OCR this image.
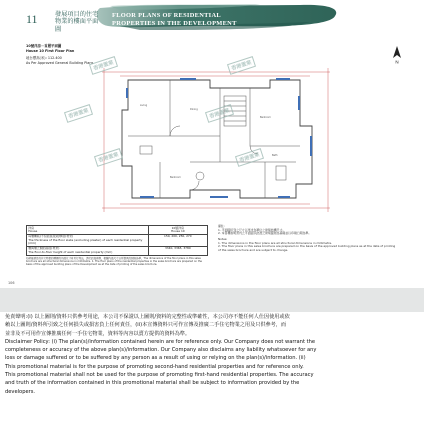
11	發展項目的住宅物業的樓面平面圖
FLOOR PLANS OF RESIDENTIAL
PROPERTIES IN THE DEVELOPMENT
10號洋房－首層平面圖
House 10 First Floor Plan
地台標高(米): 112.400
As Per Approved General Building Plans	N
Living
Dining
Bedroom
Bedroom
Bath
香港置業	香港置業
香港置業	香港置業
香港置業	香港置業
洋房
House	10號洋房
House 10
每層樓板(不包括灰泥)的厚度(毫米)
The thickness of the floor slabs (excluding plaster) of each residential property (mm)	150, 200, 250, 270
層與層之間的高度(毫米)
The floor-to-floor height of each residential property (mm)	3340, 3365, 3780
如發展項目的住宅物業的樓層的內部尺寸有另行列出，請於此處參閱，相關內部尺寸以所提供的圖則為準。The dimensions of the floor plans in this sales brochure are all structural dimensions in millimetre. 1. The floor plans of the residential properties in the sales brochure are prepared on the basis of the approved building plans of the Development as at the date of printing of the sales brochure.
備註:
1. 平面圖所列之尺寸以毫米為單位之建築結構尺寸。
2. 本售樓說明書內之平面圖以批准之建築圖則為基礎並以印刷日期為準。
Notes:
1. The dimensions in the floor plans are all structural dimensions in millimetre.
2. The floor plans in this sales brochure are prepared on the basis of the approved building plans as at the date of printing of the sales brochure and are subject to change.
106
免責聲明:(i) 以上圖則/資料只供參考用途，本公司不保證以上圖則/資料的完整性或準確性，本公司亦不能任何人仕因使用或依
賴以上圖則/資料所引致之任何損失或損害負上任何責任，(ii)本宣傳資料只可作宣傳及推廣二手住宅物業之用及只供參考，而
並非及不可用作宣傳推廣任何一手住宅物業，資料等內容以賣方提供的資料為準。
Disclaimer Policy: (i) The plan(s)/information contained herein are for reference only. Our Company does not warrant the
completeness or accuracy of the above plan(s)/information. Our Company also disclaims any liability whatsoever for any
loss or damage suffered or to be suffered by any person as a result of using or relying on the plan(s)/information. (ii)
This promotional material is for the purpose of promoting second-hand residential properties and for reference only.
This promotional material shall not be used for the purpose of promoting first-hand residential properties. The accuracy
and truth of the information contained in this promotional material shall be subject to information provided by the
developers.
